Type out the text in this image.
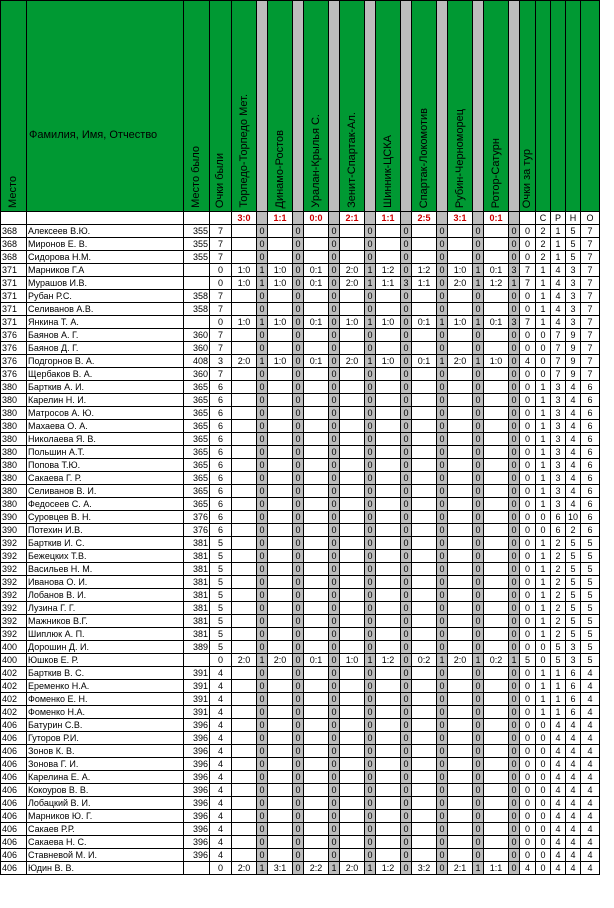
Место	Фамилия, Имя, Отчество	Место было	Очки были	Торпедо-Торпедо Мет.		Динамо-Ростов		Уралан-Крылья С.		Зенит-Спартак-Ал.		Шинник-ЦСКА		Спартак-Локомотив		Рубин-Черноморец		Ротор-Сатурн		Очки за тур				

				3:0		1:1		0:0		2:1		1:1		2:5		3:1		0:1			С	Р	Н	О
368	Алексеев В.Ю.	355	7		0		0		0		0		0		0		0		0	0	2	1	5	7
368	Миронов Е. В.	355	7		0		0		0		0		0		0		0		0	0	2	1	5	7
368	Сидорова Н.М.	355	7		0		0		0		0		0		0		0		0	0	2	1	5	7
371	Марников Г.А		0	1:0	1	1:0	0	0:1	0	2:0	1	1:2	0	1:2	0	1:0	1	0:1	3	7	1	4	3	7
371	Мурашов И.В.		0	1:0	1	1:0	0	0:1	0	2:0	1	1:1	3	1:1	0	2:0	1	1:2	1	7	1	4	3	7
371	Рубан Р.С.	358	7		0		0		0		0		0		0		0		0	0	1	4	3	7
371	Селиванов А.В.	358	7		0		0		0		0		0		0		0		0	0	1	4	3	7
371	Янкина Т. А.		0	1:0	1	1:0	0	0:1	0	1:0	1	1:0	0	0:1	1	1:0	1	0:1	3	7	1	4	3	7
376	Баянов А. Г.	360	7		0		0		0		0		0		0		0		0	0	0	7	9	7
376	Баянов Д. Г.	360	7		0		0		0		0		0		0		0		0	0	0	7	9	7
376	Подгорнов В. А.	408	3	2:0	1	1:0	0	0:1	0	2:0	1	1:0	0	0:1	1	2:0	1	1:0	0	4	0	7	9	7
376	Щербаков В. А.	360	7		0		0		0		0		0		0		0		0	0	0	7	9	7
380	Барткив А. И.	365	6		0		0		0		0		0		0		0		0	0	1	3	4	6
380	Карелин Н. И.	365	6		0		0		0		0		0		0		0		0	0	1	3	4	6
380	Матросов А. Ю.	365	6		0		0		0		0		0		0		0		0	0	1	3	4	6
380	Махаева О. А.	365	6		0		0		0		0		0		0		0		0	0	1	3	4	6
380	Николаева Я. В.	365	6		0		0		0		0		0		0		0		0	0	1	3	4	6
380	Польшин А.Т.	365	6		0		0		0		0		0		0		0		0	0	1	3	4	6
380	Попова Т.Ю.	365	6		0		0		0		0		0		0		0		0	0	1	3	4	6
380	Сакаева Г. Р.	365	6		0		0		0		0		0		0		0		0	0	1	3	4	6
380	Селиванов В. И.	365	6		0		0		0		0		0		0		0		0	0	1	3	4	6
380	Федосеев С. А.	365	6		0		0		0		0		0		0		0		0	0	1	3	4	6
390	Суровцев В. Н.	376	6		0		0		0		0		0		0		0		0	0	0	6	10	6
390	Потехин И.В.	376	6		0		0		0		0		0		0		0		0	0	0	6	2	6
392	Барткив И. С.	381	5		0		0		0		0		0		0		0		0	0	1	2	5	5
392	Бежецких Т.В.	381	5		0		0		0		0		0		0		0		0	0	1	2	5	5
392	Васильев Н. М.	381	5		0		0		0		0		0		0		0		0	0	1	2	5	5
392	Иванова О. И.	381	5		0		0		0		0		0		0		0		0	0	1	2	5	5
392	Лобанов В. И.	381	5		0		0		0		0		0		0		0		0	0	1	2	5	5
392	Лузина Г. Г.	381	5		0		0		0		0		0		0		0		0	0	1	2	5	5
392	Мажников В.Г.	381	5		0		0		0		0		0		0		0		0	0	1	2	5	5
392	Шиплюк А. П.	381	5		0		0		0		0		0		0		0		0	0	1	2	5	5
400	Дорошин Д. И.	389	5		0		0		0		0		0		0		0		0	0	0	5	3	5
400	Юшков Е. Р.		0	2:0	1	2:0	0	0:1	0	1:0	1	1:2	0	0:2	1	2:0	1	0:2	1	5	0	5	3	5
402	Барткив В. С.	391	4		0		0		0		0		0		0		0		0	0	1	1	6	4
402	Еременко Н.А.	391	4		0		0		0		0		0		0		0		0	0	1	1	6	4
402	Фоменко Е. Н.	391	4		0		0		0		0		0		0		0		0	0	1	1	6	4
402	Фоменко Н.А.	391	4		0		0		0		0		0		0		0		0	0	1	1	6	4
406	Батурин С.В.	396	4		0		0		0		0		0		0		0		0	0	0	4	4	4
406	Гуторов Р.И.	396	4		0		0		0		0		0		0		0		0	0	0	4	4	4
406	Зонов К. В.	396	4		0		0		0		0		0		0		0		0	0	0	4	4	4
406	Зонова Г. И.	396	4		0		0		0		0		0		0		0		0	0	0	4	4	4
406	Карелина Е. А.	396	4		0		0		0		0		0		0		0		0	0	0	4	4	4
406	Кокоуров В. В.	396	4		0		0		0		0		0		0		0		0	0	0	4	4	4
406	Лобацкий В. И.	396	4		0		0		0		0		0		0		0		0	0	0	4	4	4
406	Марников Ю. Г.	396	4		0		0		0		0		0		0		0		0	0	0	4	4	4
406	Сакаев Р.Р.	396	4		0		0		0		0		0		0		0		0	0	0	4	4	4
406	Сакаева Н. С.	396	4		0		0		0		0		0		0		0		0	0	0	4	4	4
406	Ставневой М. И.	396	4		0		0		0		0		0		0		0		0	0	0	4	4	4
406	Юдин В. В.		0	2:0	1	3:1	0	2:2	1	2:0	1	1:2	0	3:2	0	2:1	1	1:1	0	4	0	4	4	4
